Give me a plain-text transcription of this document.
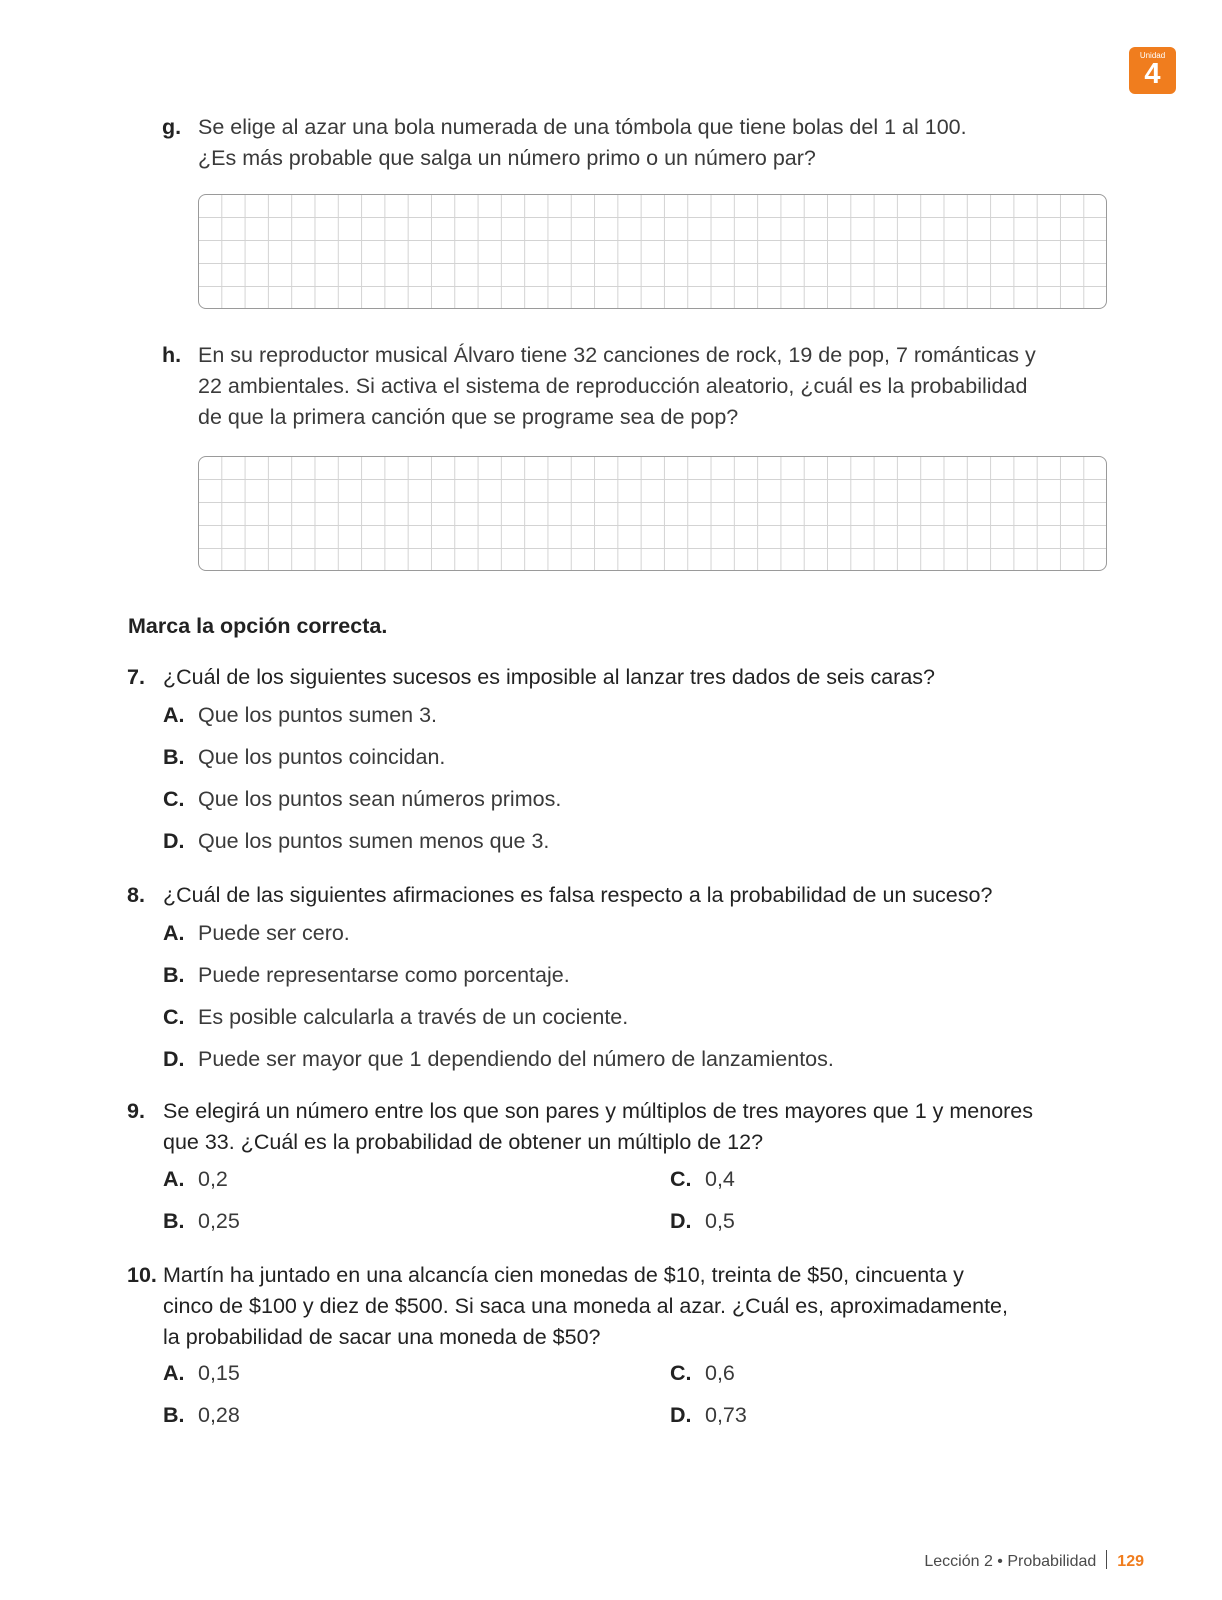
Unidad
4
g. Se elige al azar una bola numerada de una tómbola que tiene bolas del 1 al 100.
¿Es más probable que salga un número primo o un número par?
h. En su reproductor musical Álvaro tiene 32 canciones de rock, 19 de pop, 7 románticas y
22 ambientales. Si activa el sistema de reproducción aleatorio, ¿cuál es la probabilidad
de que la primera canción que se programe sea de pop?
Marca la opción correcta.
7. ¿Cuál de los siguientes sucesos es imposible al lanzar tres dados de seis caras?
A. Que los puntos sumen 3.
B. Que los puntos coincidan.
C. Que los puntos sean números primos.
D. Que los puntos sumen menos que 3.
8. ¿Cuál de las siguientes afirmaciones es falsa respecto a la probabilidad de un suceso?
A. Puede ser cero.
B. Puede representarse como porcentaje.
C. Es posible calcularla a través de un cociente.
D. Puede ser mayor que 1 dependiendo del número de lanzamientos.
9. Se elegirá un número entre los que son pares y múltiplos de tres mayores que 1 y menores
que 33. ¿Cuál es la probabilidad de obtener un múltiplo de 12?
A. 0,2
B. 0,25
C. 0,4
D. 0,5
10. Martín ha juntado en una alcancía cien monedas de $10, treinta de $50, cincuenta y
cinco de $100 y diez de $500. Si saca una moneda al azar. ¿Cuál es, aproximadamente,
la probabilidad de sacar una moneda de $50?
A. 0,15
B. 0,28
C. 0,6
D. 0,73
Lección 2 • Probabilidad 129
